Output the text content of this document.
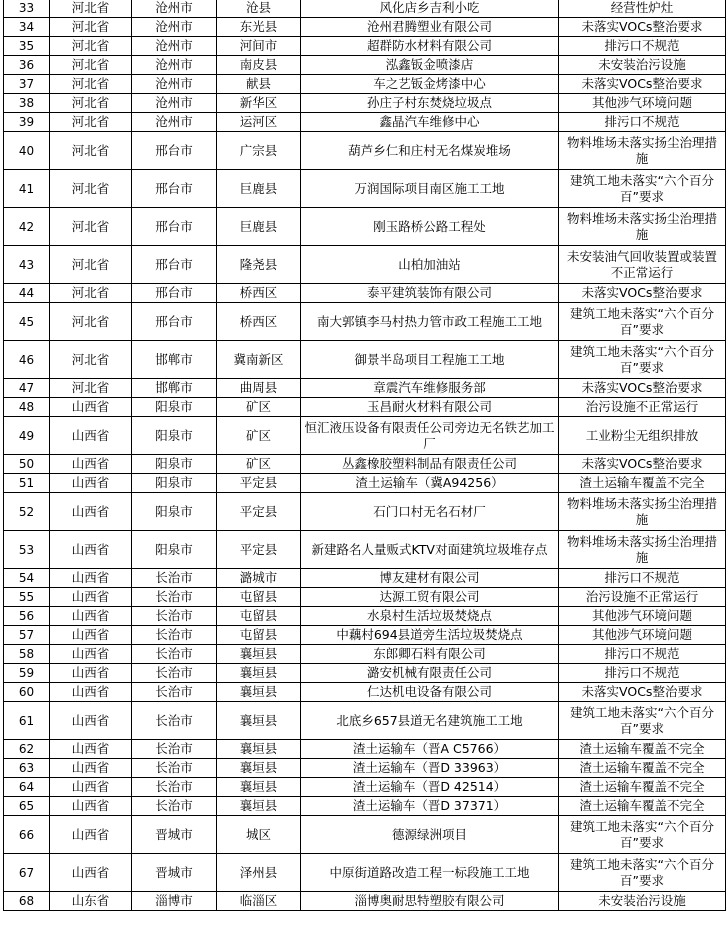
33	河北省	沧州市	沧县	风化店乡吉利小吃	经营性炉灶
34	河北省	沧州市	东光县	沧州君腾塑业有限公司	未落实VOCs整治要求
35	河北省	沧州市	河间市	超群防水材料有限公司	排污口不规范
36	河北省	沧州市	南皮县	泓鑫钣金喷漆店	未安装治污设施
37	河北省	沧州市	献县	车之艺钣金烤漆中心	未落实VOCs整治要求
38	河北省	沧州市	新华区	孙庄子村东焚烧垃圾点	其他涉气环境问题
39	河北省	沧州市	运河区	鑫晶汽车维修中心	排污口不规范
40	河北省	邢台市	广宗县	葫芦乡仁和庄村无名煤炭堆场	物料堆场未落实扬尘治理措施
41	河北省	邢台市	巨鹿县	万润国际项目南区施工工地	建筑工地未落实“六个百分百”要求
42	河北省	邢台市	巨鹿县	刚玉路桥公路工程处	物料堆场未落实扬尘治理措施
43	河北省	邢台市	隆尧县	山柏加油站	未安装油气回收装置或装置不正常运行
44	河北省	邢台市	桥西区	泰平建筑装饰有限公司	未落实VOCs整治要求
45	河北省	邢台市	桥西区	南大郭镇李马村热力管市政工程施工工地	建筑工地未落实“六个百分百”要求
46	河北省	邯郸市	冀南新区	御景半岛项目工程施工工地	建筑工地未落实“六个百分百”要求
47	河北省	邯郸市	曲周县	章震汽车维修服务部	未落实VOCs整治要求
48	山西省	阳泉市	矿区	玉昌耐火材料有限公司	治污设施不正常运行
49	山西省	阳泉市	矿区	恒汇液压设备有限责任公司旁边无名铁艺加工厂	工业粉尘无组织排放
50	山西省	阳泉市	矿区	丛鑫橡胶塑料制品有限责任公司	未落实VOCs整治要求
51	山西省	阳泉市	平定县	渣土运输车（冀A94256）	渣土运输车覆盖不完全
52	山西省	阳泉市	平定县	石门口村无名石材厂	物料堆场未落实扬尘治理措施
53	山西省	阳泉市	平定县	新建路名人量贩式KTV对面建筑垃圾堆存点	物料堆场未落实扬尘治理措施
54	山西省	长治市	潞城市	博友建材有限公司	排污口不规范
55	山西省	长治市	屯留县	达源工贸有限公司	治污设施不正常运行
56	山西省	长治市	屯留县	水泉村生活垃圾焚烧点	其他涉气环境问题
57	山西省	长治市	屯留县	中藕村694县道旁生活垃圾焚烧点	其他涉气环境问题
58	山西省	长治市	襄垣县	东郎卿石料有限公司	排污口不规范
59	山西省	长治市	襄垣县	潞安机械有限责任公司	排污口不规范
60	山西省	长治市	襄垣县	仁达机电设备有限公司	未落实VOCs整治要求
61	山西省	长治市	襄垣县	北底乡657县道无名建筑施工工地	建筑工地未落实“六个百分百”要求
62	山西省	长治市	襄垣县	渣土运输车（晋A C5766）	渣土运输车覆盖不完全
63	山西省	长治市	襄垣县	渣土运输车（晋D 33963）	渣土运输车覆盖不完全
64	山西省	长治市	襄垣县	渣土运输车（晋D 42514）	渣土运输车覆盖不完全
65	山西省	长治市	襄垣县	渣土运输车（晋D 37371）	渣土运输车覆盖不完全
66	山西省	晋城市	城区	德源绿洲项目	建筑工地未落实“六个百分百”要求
67	山西省	晋城市	泽州县	中原街道路改造工程一标段施工工地	建筑工地未落实“六个百分百”要求
68	山东省	淄博市	临淄区	淄博奥耐思特塑胶有限公司	未安装治污设施
